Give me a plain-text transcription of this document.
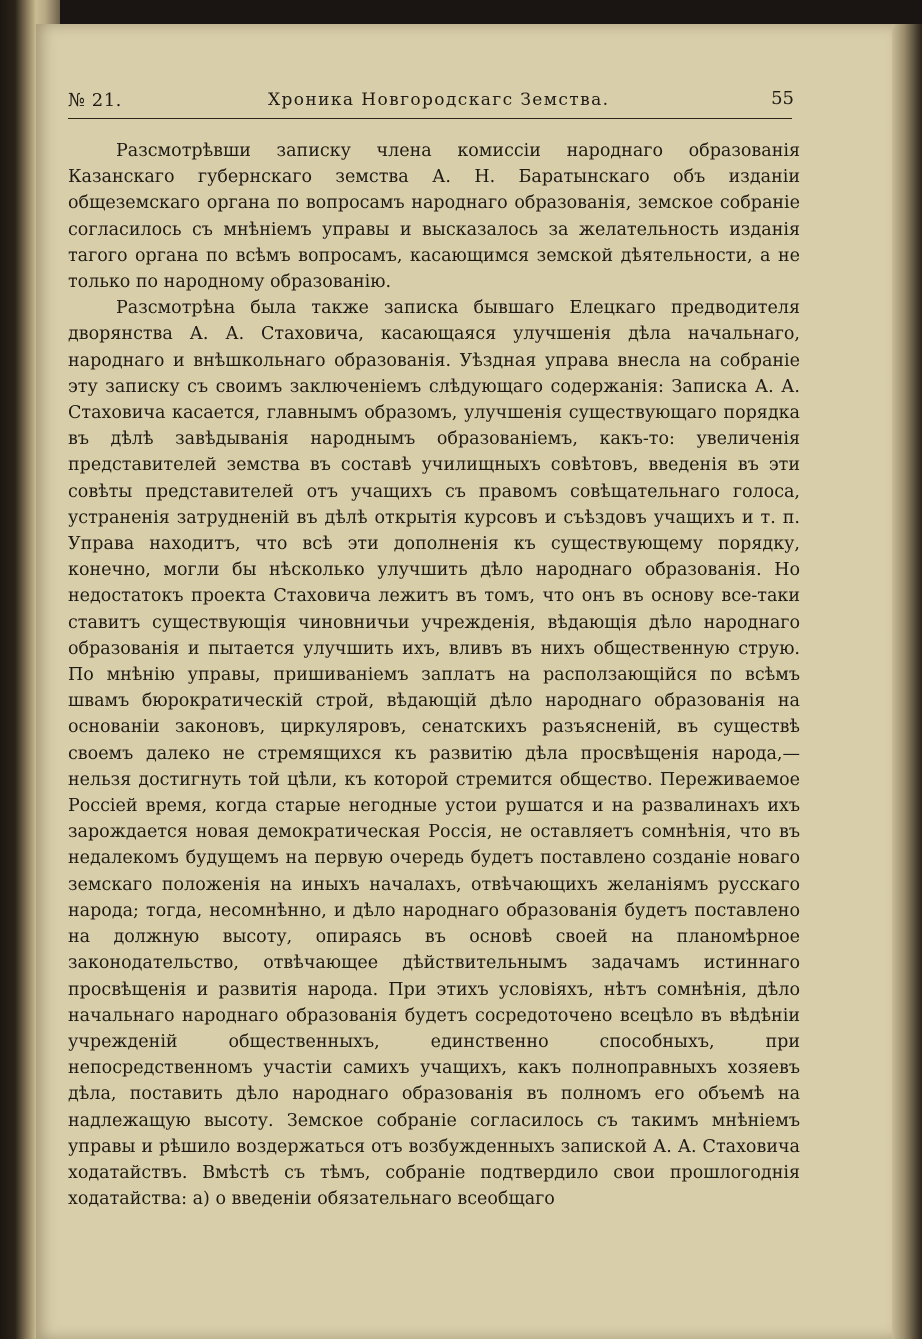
№ 21.	Хроника Новгородскагс Земства.	55

Разсмотрѣвши записку члена комиссіи народнаго образованія Казанскаго губернскаго земства А. Н. Баратынскаго объ изданіи общеземскаго органа по вопросамъ народнаго образованія, земское собраніе согласилось съ мнѣніемъ управы и высказалось за желательность изданія тагого органа по всѣмъ вопросамъ, касающимся земской дѣятельности, а не только по народному образованію.

Разсмотрѣна была также записка бывшаго Елецкаго предводителя дворянства А. А. Стаховича, касающаяся улучшенія дѣла начальнаго, народнаго и внѣшкольнаго образованія. Уѣздная управа внесла на собраніе эту записку съ своимъ заключеніемъ слѣдующаго содержанія: Записка А. А. Стаховича касается, главнымъ образомъ, улучшенія существующаго порядка въ дѣлѣ завѣдыванія народнымъ образованіемъ, какъ-то: увеличенія представителей земства въ составѣ училищныхъ совѣтовъ, введенія въ эти совѣты представителей отъ учащихъ съ правомъ совѣщательнаго голоса, устраненія затрудненій въ дѣлѣ открытія курсовъ и съѣздовъ учащихъ и т. п. Управа находитъ, что всѣ эти дополненія къ существующему порядку, конечно, могли бы нѣсколько улучшить дѣло народнаго образованія. Но недостатокъ проекта Стаховича лежитъ въ томъ, что онъ въ основу все-таки ставитъ существующія чиновничьи учрежденія, вѣдающія дѣло народнаго образованія и пытается улучшить ихъ, вливъ въ нихъ общественную струю. По мнѣнію управы, пришиваніемъ заплатъ на расползающійся по всѣмъ швамъ бюрократическій строй, вѣдающій дѣло народнаго образованія на основаніи законовъ, циркуляровъ, сенатскихъ разъясненій, въ существѣ своемъ далеко не стремящихся къ развитію дѣла просвѣщенія народа,—нельзя достигнуть той цѣли, къ которой стремится общество. Переживаемое Россіей время, когда старые негодные устои рушатся и на развалинахъ ихъ зарождается новая демократическая Россія, не оставляетъ сомнѣнія, что въ недалекомъ будущемъ на первую очередь будетъ поставлено созданіе новаго земскаго положенія на иныхъ началахъ, отвѣчающихъ желаніямъ русскаго народа; тогда, несомнѣнно, и дѣло народнаго образованія будетъ поставлено на должную высоту, опираясь въ основѣ своей на планомѣрное законодательство, отвѣчающее дѣйствительнымъ задачамъ истиннаго просвѣщенія и развитія народа. При этихъ условіяхъ, нѣтъ сомнѣнія, дѣло начальнаго народнаго образованія будетъ сосредоточено всецѣло въ вѣдѣніи учрежденій общественныхъ, единственно способныхъ, при непосредственномъ участіи самихъ учащихъ, какъ полноправныхъ хозяевъ дѣла, поставить дѣло народнаго образованія въ полномъ его объемѣ на надлежащую высоту. Земское собраніе согласилось съ такимъ мнѣніемъ управы и рѣшило воздержаться отъ возбужденныхъ запиской А. А. Стаховича ходатайствъ. Вмѣстѣ съ тѣмъ, собраніе подтвердило свои прошлогоднія ходатайства: а) о введеніи обязательнаго всеобщаго
